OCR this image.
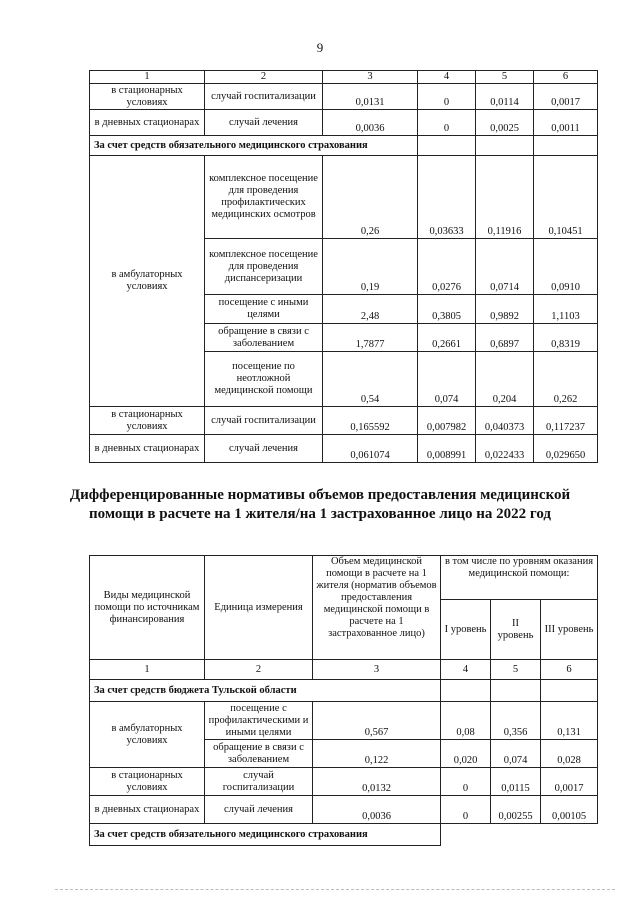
9
1	2	3	4	5	6
в стационарных условиях	случай госпитализации	0,0131	0	0,0114	0,0017
в дневных стационарах	случай лечения	0,0036	0	0,0025	0,0011
За счет средств обязательного медицинского страхования					
в амбулаторных условиях	комплексное посещение для проведения профилактических медицинских осмотров	0,26	0,03633	0,11916	0,10451
	комплексное посещение для проведения диспансеризации	0,19	0,0276	0,0714	0,0910
	посещение с иными целями	2,48	0,3805	0,9892	1,1103
	обращение в связи с заболеванием	1,7877	0,2661	0,6897	0,8319
	посещение по неотложной медицинской помощи	0,54	0,074	0,204	0,262
в стационарных условиях	случай госпитализации	0,165592	0,007982	0,040373	0,117237
в дневных стационарах	случай лечения	0,061074	0,008991	0,022433	0,029650
Дифференцированные нормативы объемов предоставления медицинской помощи в расчете на 1 жителя/на 1 застрахованное лицо на 2022 год
Виды медицинской помощи по источникам финансирования	Единица измерения	Объем медицинской помощи в расчете на 1 жителя (норматив объемов предоставления медицинской помощи в расчете на 1 застрахованное лицо)	в том числе по уровням оказания медицинской помощи:		
			I уровень	II уровень	III уровень
1	2	3	4	5	6
За счет средств бюджета Тульской области					
в амбулаторных условиях	посещение с профилактическими и иными целями	0,567	0,08	0,356	0,131
	обращение в связи с заболеванием	0,122	0,020	0,074	0,028
в стационарных условиях	случай госпитализации	0,0132	0	0,0115	0,0017
в дневных стационарах	случай лечения	0,0036	0	0,00255	0,00105
За счет средств обязательного медицинского страхования					
